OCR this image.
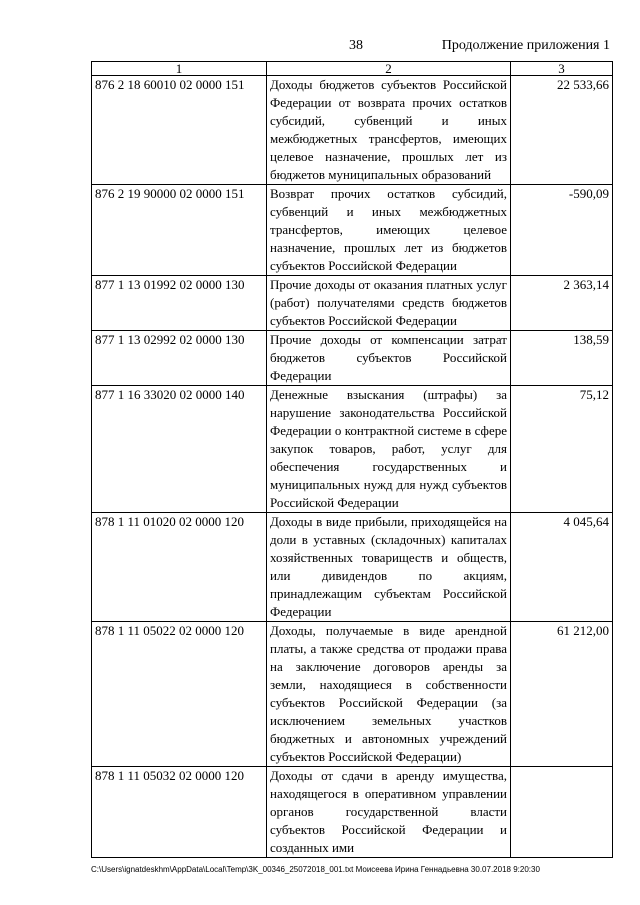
38	Продолжение приложения 1
1	2	3
876 2 18 60010 02 0000 151	Доходы бюджетов субъектов Российской Федерации от возврата прочих остатков субсидий, субвенций и иных межбюджетных трансфертов, имеющих целевое назначение, прошлых лет из бюджетов муниципальных образований	22 533,66
876 2 19 90000 02 0000 151	Возврат прочих остатков субсидий, субвенций и иных межбюджетных трансфертов, имеющих целевое назначение, прошлых лет из бюджетов субъектов Российской Федерации	-590,09
877 1 13 01992 02 0000 130	Прочие доходы от оказания платных услуг (работ) получателями средств бюджетов субъектов Российской Федерации	2 363,14
877 1 13 02992 02 0000 130	Прочие доходы от компенсации затрат бюджетов субъектов Российской Федерации	138,59
877 1 16 33020 02 0000 140	Денежные взыскания (штрафы) за нарушение законодательства Российской Федерации о контрактной системе в сфере закупок товаров, работ, услуг для обеспечения государственных и муниципальных нужд для нужд субъектов Российской Федерации	75,12
878 1 11 01020 02 0000 120	Доходы в виде прибыли, приходящейся на доли в уставных (складочных) капиталах хозяйственных товариществ и обществ, или дивидендов по акциям, принадлежащим субъектам Российской Федерации	4 045,64
878 1 11 05022 02 0000 120	Доходы, получаемые в виде арендной платы, а также средства от продажи права на заключение договоров аренды за земли, находящиеся в собственности субъектов Российской Федерации (за исключением земельных участков бюджетных и автономных учреждений субъектов Российской Федерации)	61 212,00
878 1 11 05032 02 0000 120	Доходы от сдачи в аренду имущества, находящегося в оперативном управлении органов государственной власти субъектов Российской Федерации и созданных ими	
C:\Users\ignatdeskhm\AppData\Local\Temp\3K_00346_25072018_001.txt Моисеева Ирина Геннадьевна 30.07.2018 9:20:30
